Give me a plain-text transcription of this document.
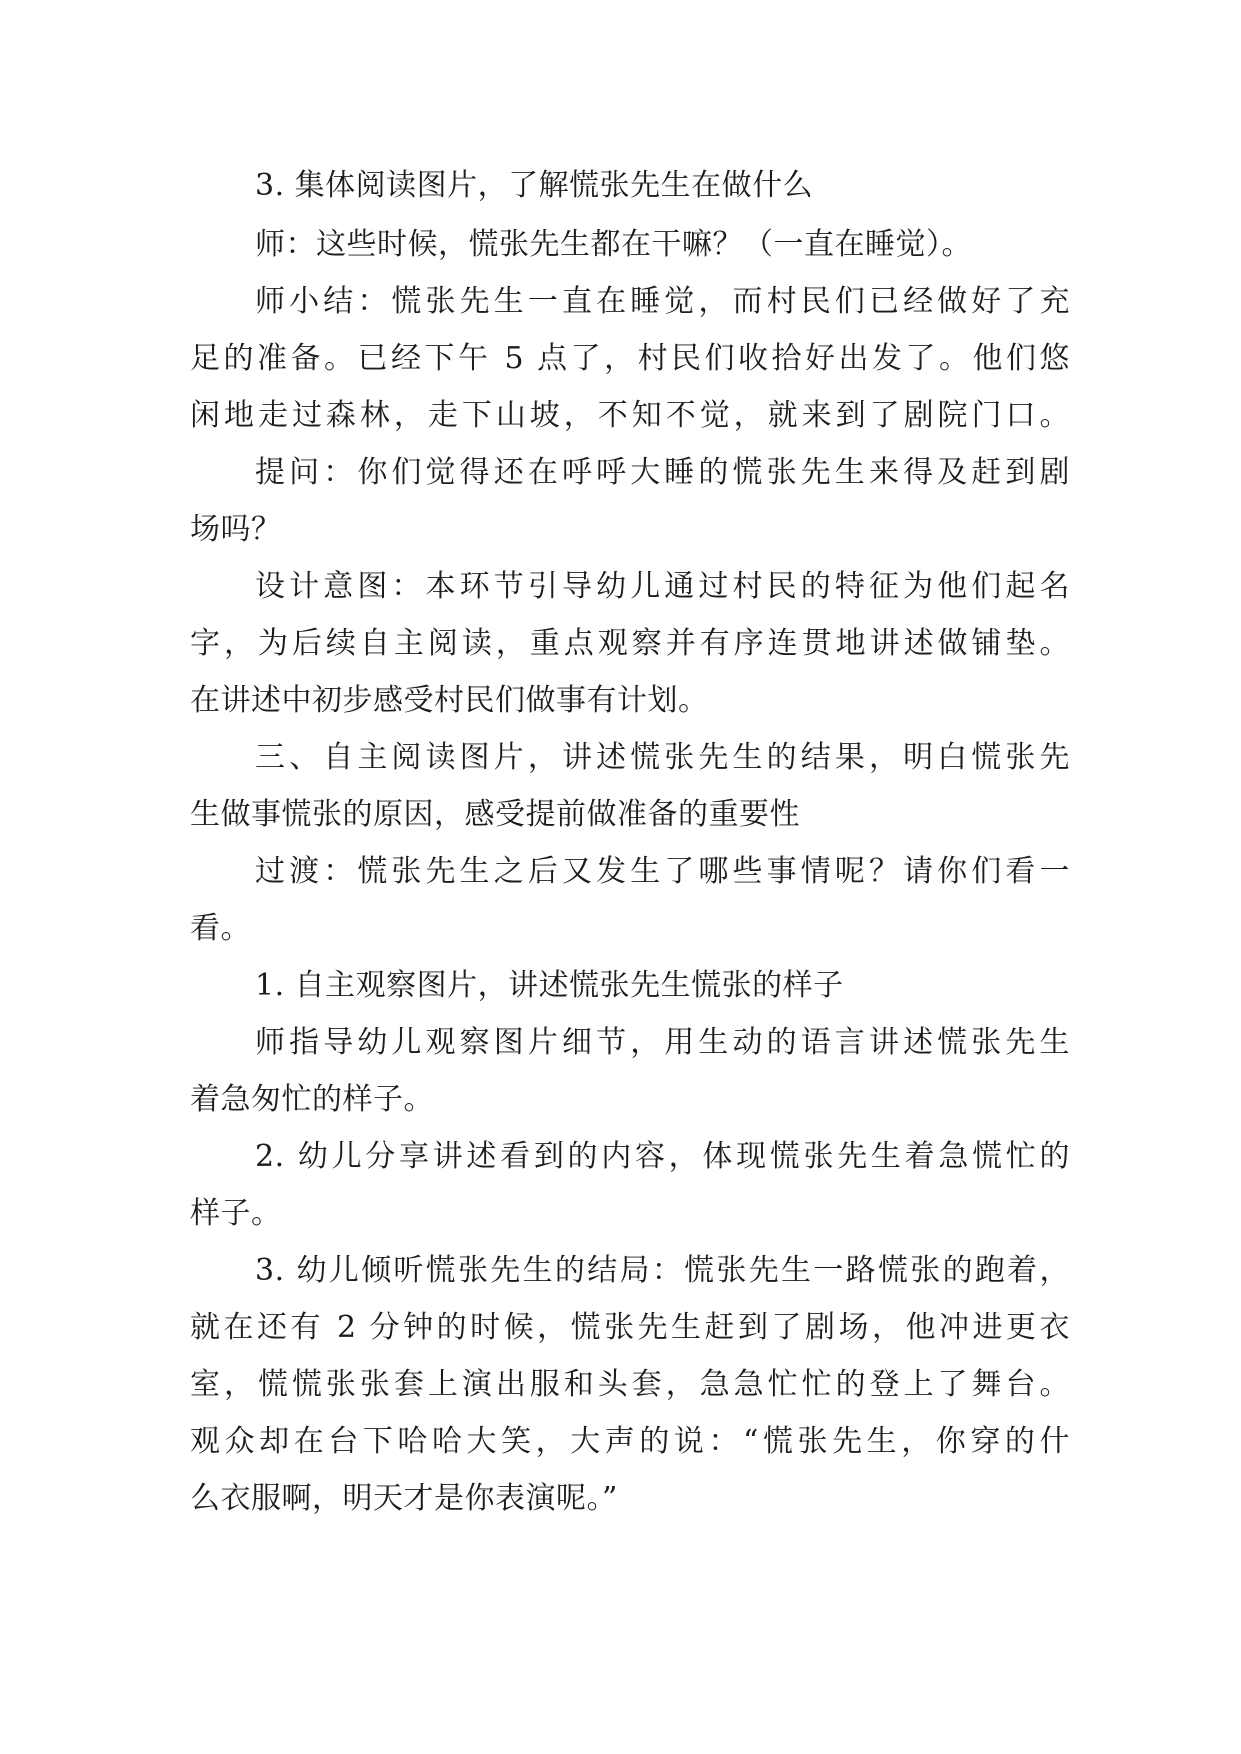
3. 集体阅读图片，了解慌张先生在做什么
师：这些时候，慌张先生都在干嘛？（一直在睡觉）。
师小结：慌张先生一直在睡觉，而村民们已经做好了充
足的准备。已经下午 5 点了，村民们收拾好出发了。他们悠
闲地走过森林，走下山坡，不知不觉，就来到了剧院门口。
提问：你们觉得还在呼呼大睡的慌张先生来得及赶到剧
场吗？
设计意图：本环节引导幼儿通过村民的特征为他们起名
字，为后续自主阅读，重点观察并有序连贯地讲述做铺垫。
在讲述中初步感受村民们做事有计划。
三、自主阅读图片，讲述慌张先生的结果，明白慌张先
生做事慌张的原因，感受提前做准备的重要性
过渡：慌张先生之后又发生了哪些事情呢？请你们看一
看。
1. 自主观察图片，讲述慌张先生慌张的样子
师指导幼儿观察图片细节，用生动的语言讲述慌张先生
着急匆忙的样子。
2. 幼儿分享讲述看到的内容，体现慌张先生着急慌忙的
样子。
3. 幼儿倾听慌张先生的结局：慌张先生一路慌张的跑着，
就在还有 2 分钟的时候，慌张先生赶到了剧场，他冲进更衣
室，慌慌张张套上演出服和头套，急急忙忙的登上了舞台。
观众却在台下哈哈大笑，大声的说：“慌张先生，你穿的什
么衣服啊，明天才是你表演呢。”
